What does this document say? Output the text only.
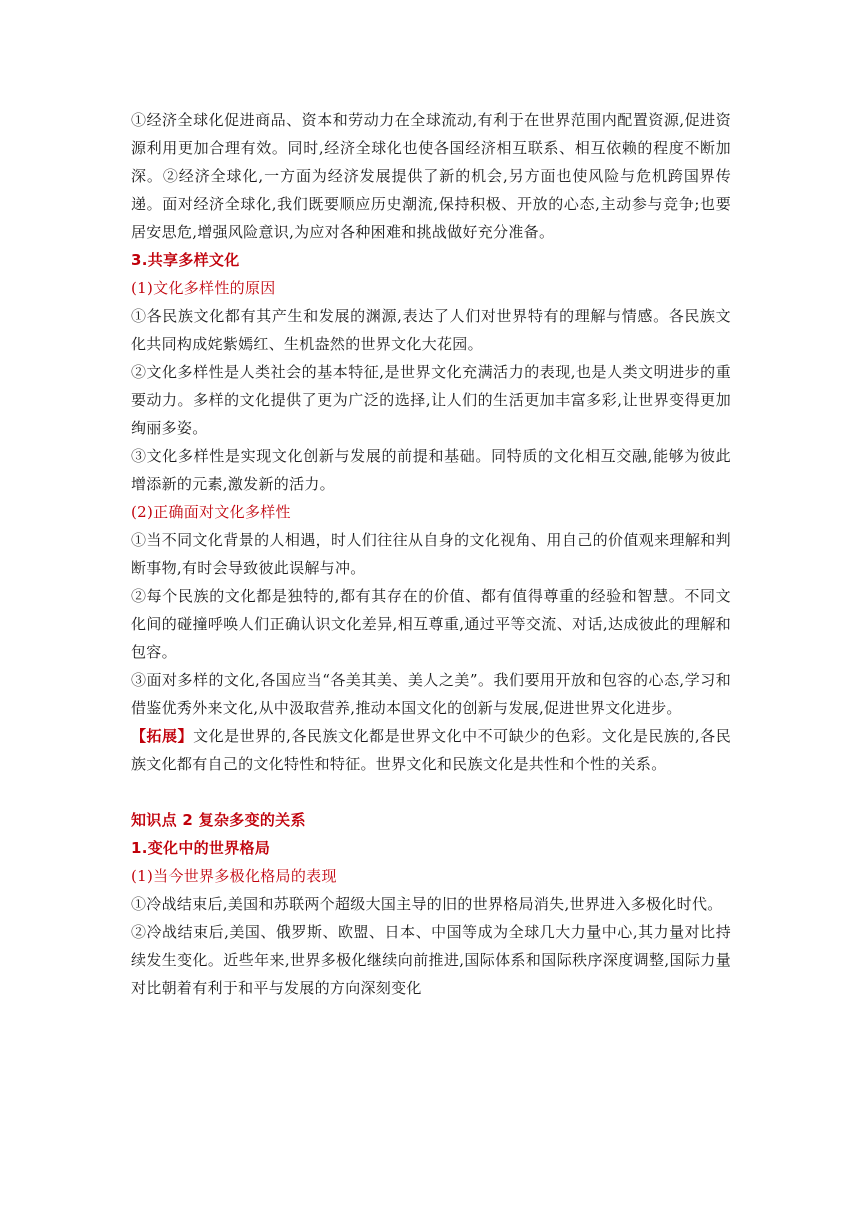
①经济全球化促进商品、资本和劳动力在全球流动,有利于在世界范围内配置资源,促进资源利用更加合理有效。同时,经济全球化也使各国经济相互联系、相互依赖的程度不断加深。②经济全球化,一方面为经济发展提供了新的机会,另方面也使风险与危机跨国界传递。面对经济全球化,我们既要顺应历史潮流,保持积极、开放的心态,主动参与竞争;也要居安思危,增强风险意识,为应对各种困难和挑战做好充分准备。

3.共享多样文化

(1)文化多样性的原因

①各民族文化都有其产生和发展的渊源,表达了人们对世界特有的理解与情感。各民族文化共同构成姹紫嫣红、生机盎然的世界文化大花园。

②文化多样性是人类社会的基本特征,是世界文化充满活力的表现,也是人类文明进步的重要动力。多样的文化提供了更为广泛的选择,让人们的生活更加丰富多彩,让世界变得更加绚丽多姿。

③文化多样性是实现文化创新与发展的前提和基础。同特质的文化相互交融,能够为彼此增添新的元素,激发新的活力。

(2)正确面对文化多样性

①当不同文化背景的人相遇，时人们往往从自身的文化视角、用自己的价值观来理解和判断事物,有时会导致彼此误解与冲。

②每个民族的文化都是独特的,都有其存在的价值、都有值得尊重的经验和智慧。不同文化间的碰撞呼唤人们正确认识文化差异,相互尊重,通过平等交流、对话,达成彼此的理解和包容。

③面对多样的文化,各国应当“各美其美、美人之美”。我们要用开放和包容的心态,学习和借鉴优秀外来文化,从中汲取营养,推动本国文化的创新与发展,促进世界文化进步。

【拓展】文化是世界的,各民族文化都是世界文化中不可缺少的色彩。文化是民族的,各民族文化都有自己的文化特性和特征。世界文化和民族文化是共性和个性的关系。

知识点 2 复杂多变的关系
1.变化中的世界格局

(1)当今世界多极化格局的表现

①冷战结束后,美国和苏联两个超级大国主导的旧的世界格局消失,世界进入多极化时代。

②冷战结束后,美国、俄罗斯、欧盟、日本、中国等成为全球几大力量中心,其力量对比持续发生变化。近些年来,世界多极化继续向前推进,国际体系和国际秩序深度调整,国际力量对比朝着有利于和平与发展的方向深刻变化
